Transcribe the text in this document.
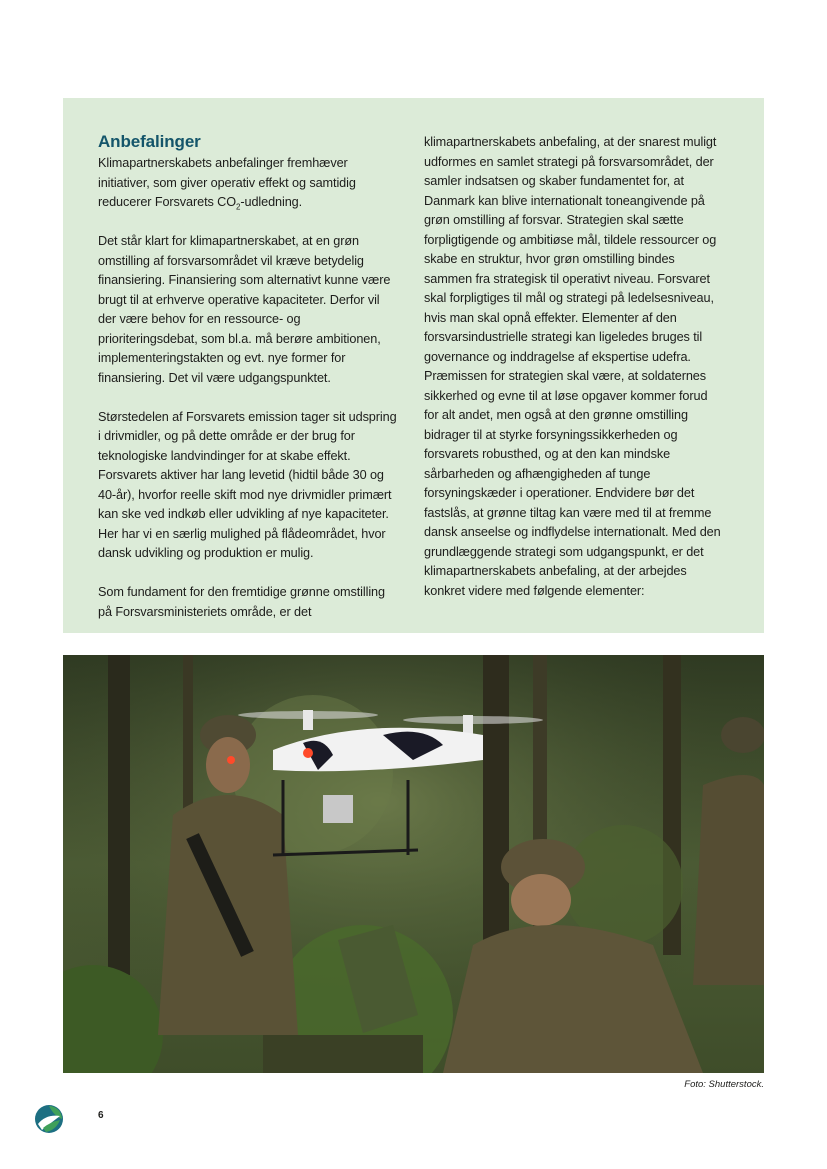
Anbefalinger

Klimapartnerskabets anbefalinger fremhæver initiativer, som giver operativ effekt og samtidig reducerer Forsvarets $CO_2$-udledning.

Det står klart for klimapartnerskabet, at en grøn omstilling af forsvarsområdet vil kræve betydelig finansiering. Finansiering som alternativt kunne være brugt til at erhverve operative kapaciteter. Derfor vil der være behov for en ressource- og prioriteringsdebat, som bl.a. må berøre ambitionen, implementeringstakten og evt. nye former for finansiering. Det vil være udgangspunktet.

Størstedelen af Forsvarets emission tager sit udspring i drivmidler, og på dette område er der brug for teknologiske landvindinger for at skabe effekt. Forsvarets aktiver har lang levetid (hidtil både 30 og 40-år), hvorfor reelle skift mod nye drivmidler primært kan ske ved indkøb eller udvikling af nye kapaciteter. Her har vi en særlig mulighed på flådeområdet, hvor dansk udvikling og produktion er mulig.

Som fundament for den fremtidige grønne omstilling på Forsvarsministeriets område, er det

klimapartnerskabets anbefaling, at der snarest muligt udformes en samlet strategi på forsvarsområdet, der samler indsatsen og skaber fundamentet for, at Danmark kan blive internationalt toneangivende på grøn omstilling af forsvar. Strategien skal sætte forpligtigende og ambitiøse mål, tildele ressourcer og skabe en struktur, hvor grøn omstilling bindes sammen fra strategisk til operativt niveau. Forsvaret skal forpligtiges til mål og strategi på ledelsesniveau, hvis man skal opnå effekter. Elementer af den forsvarsindustrielle strategi kan ligeledes bruges til governance og inddragelse af ekspertise udefra. Præmissen for strategien skal være, at soldaternes sikkerhed og evne til at løse opgaver kommer forud for alt andet, men også at den grønne omstilling bidrager til at styrke forsyningssikkerheden og forsvarets robusthed, og at den kan mindske sårbarheden og afhængigheden af tunge forsyningskæder i operationer. Endvidere bør det fastslås, at grønne tiltag kan være med til at fremme dansk anseelse og indflydelse internationalt. Med den grundlæggende strategi som udgangspunkt, er det klimapartnerskabets anbefaling, at der arbejdes konkret videre med følgende elementer:

Foto: Shutterstock.
6
